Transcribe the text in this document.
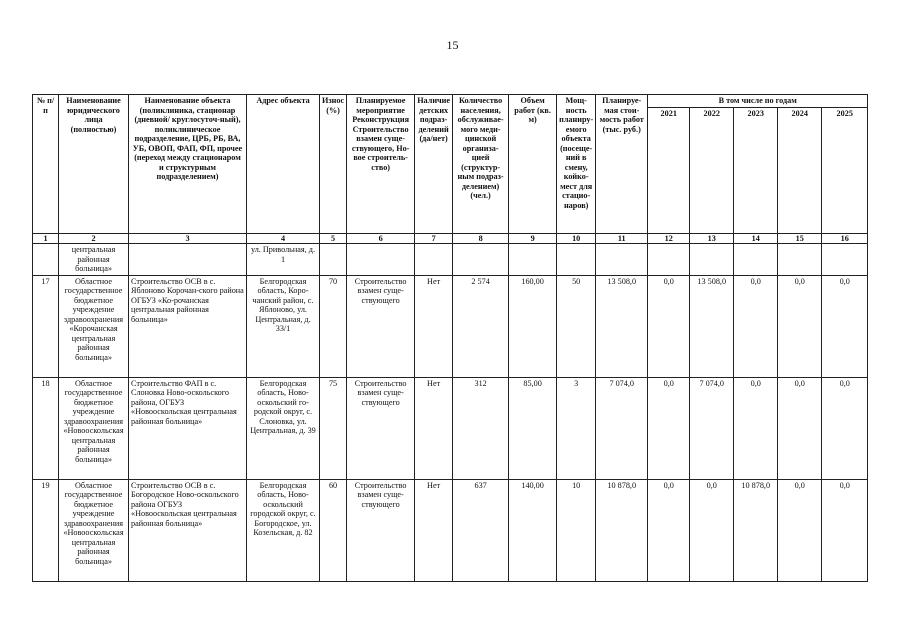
15
№ п/п	Наименование юридического лица (полностью)	Наименование объекта (поликлиника, стационар (дневной/ круглосуточ-ный), поликлиническое подразделение, ЦРБ, РБ, ВА, УБ, ОВОП, ФАП, ФП, прочее (переход между стационаром и структурным подразделением)	Адрес объекта	Износ (%)	Планируемое мероприятие Реконструкция Строительство взамен суще-ствующего, Но-вое строитель-ство)	Наличие детских подраз-делений (да/нет)	Количество населения, обслуживае-мого меди-цинской организа-цией (структур-ным подраз-делением) (чел.)	Объем работ (кв. м)	Мощ-ность планиру-емого объекта (посеще-ний в смену, койко-мест для стацио-наров)	Планируе-мая стои-мость работ (тыс. руб.)	В том числе по годам				
											2021	2022	2023	2024	2025
1	2	3	4	5	6	7	8	9	10	11	12	13	14	15	16
	центральная районная больница»		ул. Привольная, д. 1												
17	Областное государственное бюджетное учреждение здравоохранения «Корочанская центральная районная больница»	Строительство ОСВ в с. Яблоново Корочан-ского района ОГБУЗ «Ко-рочанская центральная районная больница»	Белгородская область, Коро-чанский район, с. Яблоново, ул. Центральная, д. 33/1	70	Строительство взамен суще-ствующего	Нет	2 574	160,00	50	13 508,0	0,0	13 508,0	0,0	0,0	0,0
18	Областное государственное бюджетное учреждение здравоохранения «Новооскольская центральная районная больница»	Строительство ФАП в с. Слоновка Ново-оскольского района, ОГБУЗ «Новооскольская центральная районная больница»	Белгородская область, Ново-оскольский го-родской округ, с. Слоновка, ул. Центральная, д. 39	75	Строительство взамен суще-ствующего	Нет	312	85,00	3	7 074,0	0,0	7 074,0	0,0	0,0	0,0
19	Областное государственное бюджетное учреждение здравоохранения «Новооскольская центральная районная больница»	Строительство ОСВ в с. Богородское Ново-оскольского района ОГБУЗ «Новооскольская центральная районная больница»	Белгородская область, Ново-оскольский городской округ, с. Богородское, ул. Козельская, д. 82	60	Строительство взамен суще-ствующего	Нет	637	140,00	10	10 878,0	0,0	0,0	10 878,0	0,0	0,0
